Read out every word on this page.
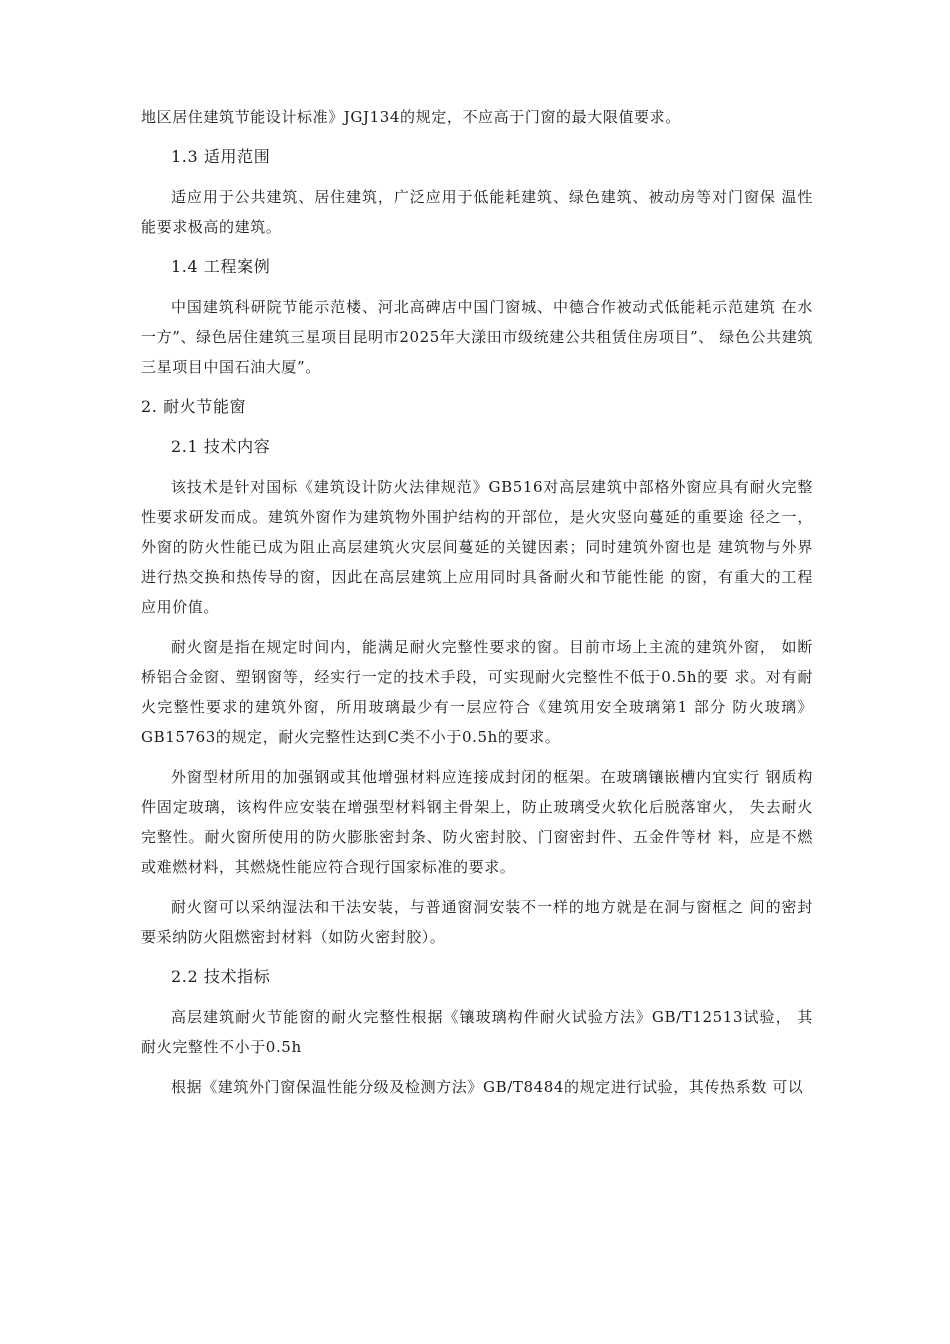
地区居住建筑节能设计标准》JGJ134的规定，不应高于门窗的最大限值要求。

1.3 适用范围

适应用于公共建筑、居住建筑，广泛应用于低能耗建筑、绿色建筑、被动房等对门窗保 温性能要求极高的建筑。

1.4 工程案例

中国建筑科研院节能示范楼、河北高碑店中国门窗城、中德合作被动式低能耗示范建筑 在水一方”、绿色居住建筑三星项目昆明市2025年大漾田市级统建公共租赁住房项目”、 绿色公共建筑三星项目中国石油大厦”。

2. 耐火节能窗

2.1 技术内容

该技术是针对国标《建筑设计防火法律规范》GB516对高层建筑中部格外窗应具有耐火完整性要求研发而成。建筑外窗作为建筑物外围护结构的开部位，是火灾竖向蔓延的重要途 径之一，外窗的防火性能已成为阻止高层建筑火灾层间蔓延的关键因素；同时建筑外窗也是 建筑物与外界进行热交换和热传导的窗，因此在高层建筑上应用同时具备耐火和节能性能 的窗，有重大的工程应用价值。

耐火窗是指在规定时间内，能满足耐火完整性要求的窗。目前市场上主流的建筑外窗， 如断桥铝合金窗、塑钢窗等，经实行一定的技术手段，可实现耐火完整性不低于0.5h的要 求。对有耐火完整性要求的建筑外窗，所用玻璃最少有一层应符合《建筑用安全玻璃第1 部分 防火玻璃》GB15763的规定，耐火完整性达到C类不小于0.5h的要求。

外窗型材所用的加强钢或其他增强材料应连接成封闭的框架。在玻璃镶嵌槽内宜实行 钢质构件固定玻璃，该构件应安装在增强型材料钢主骨架上，防止玻璃受火软化后脱落窜火， 失去耐火完整性。耐火窗所使用的防火膨胀密封条、防火密封胶、门窗密封件、五金件等材 料，应是不燃或难燃材料，其燃烧性能应符合现行国家标准的要求。

耐火窗可以采纳湿法和干法安装，与普通窗洞安装不一样的地方就是在洞与窗框之 间的密封要采纳防火阻燃密封材料（如防火密封胶）。

2.2 技术指标

高层建筑耐火节能窗的耐火完整性根据《镶玻璃构件耐火试验方法》GB/T12513试验， 其耐火完整性不小于0.5h

根据《建筑外门窗保温性能分级及检测方法》GB/T8484的规定进行试验，其传热系数 可以
